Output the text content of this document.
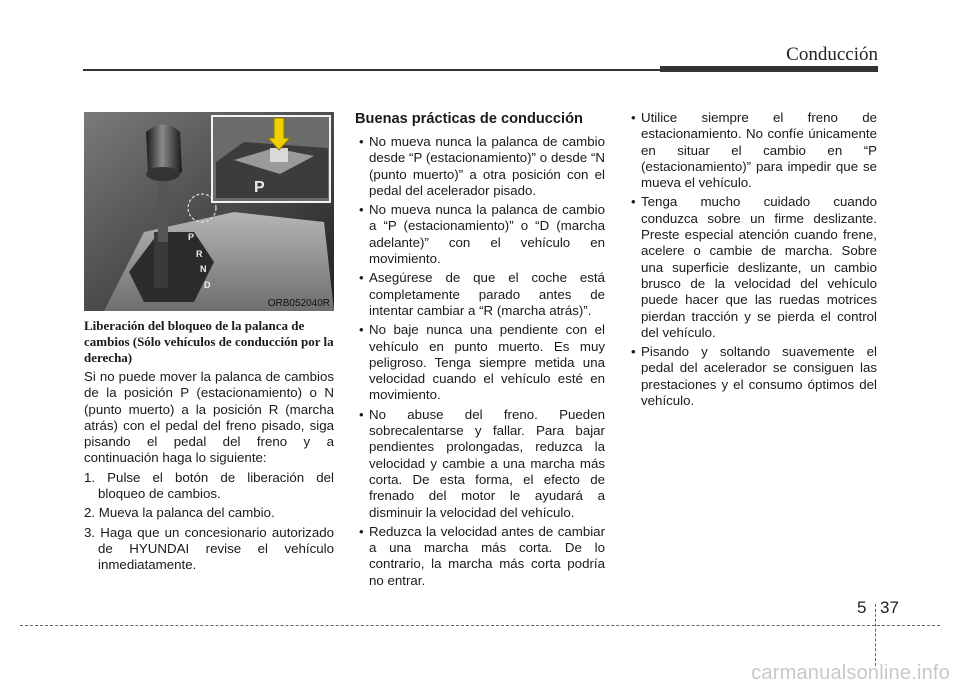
Conducción
P
R
N
D
P
ORB052040R
Liberación del bloqueo de la palanca de cambios (Sólo vehículos de conducción por la derecha)
Si no puede mover la palanca de cambios de la posición P (estacionamiento) o N (punto muerto) a la posición R (marcha atrás) con el pedal del freno pisado, siga pisando el pedal del freno y a continuación haga lo siguiente:
1. Pulse el botón de liberación del bloqueo de cambios.
2. Mueva la palanca del cambio.
3. Haga que un concesionario autorizado de HYUNDAI revise el vehículo inmediatamente.
Buenas prácticas de conducción
• No mueva nunca la palanca de cambio desde “P (estacionamiento)” o desde “N (punto muerto)” a otra posición con el pedal del acelerador pisado.
• No mueva nunca la palanca de cambio a “P (estacionamiento)” o “D (marcha adelante)” con el vehículo en movimiento.
• Asegúrese de que el coche está completamente parado antes de intentar cambiar a “R (marcha atrás)”.
• No baje nunca una pendiente con el vehículo en punto muerto. Es muy peligroso. Tenga siempre metida una velocidad cuando el vehículo esté en movimiento.
• No abuse del freno. Pueden sobrecalentarse y fallar. Para bajar pendientes prolongadas, reduzca la velocidad y cambie a una marcha más corta. De esta forma, el efecto de frenado del motor le ayudará a disminuir la velocidad del vehículo.
• Reduzca la velocidad antes de cambiar a una marcha más corta. De lo contrario, la marcha más corta podría no entrar.
• Utilice siempre el freno de estacionamiento. No confíe únicamente en situar el cambio en “P (estacionamiento)” para impedir que se mueva el vehículo.
• Tenga mucho cuidado cuando conduzca sobre un firme deslizante. Preste especial atención cuando frene, acelere o cambie de marcha. Sobre una superficie deslizante, un cambio brusco de la velocidad del vehículo puede hacer que las ruedas motrices pierdan tracción y se pierda el control del vehículo.
• Pisando y soltando suavemente el pedal del acelerador se consiguen las prestaciones y el consumo óptimos del vehículo.
5 37
carmanualsonline.info
